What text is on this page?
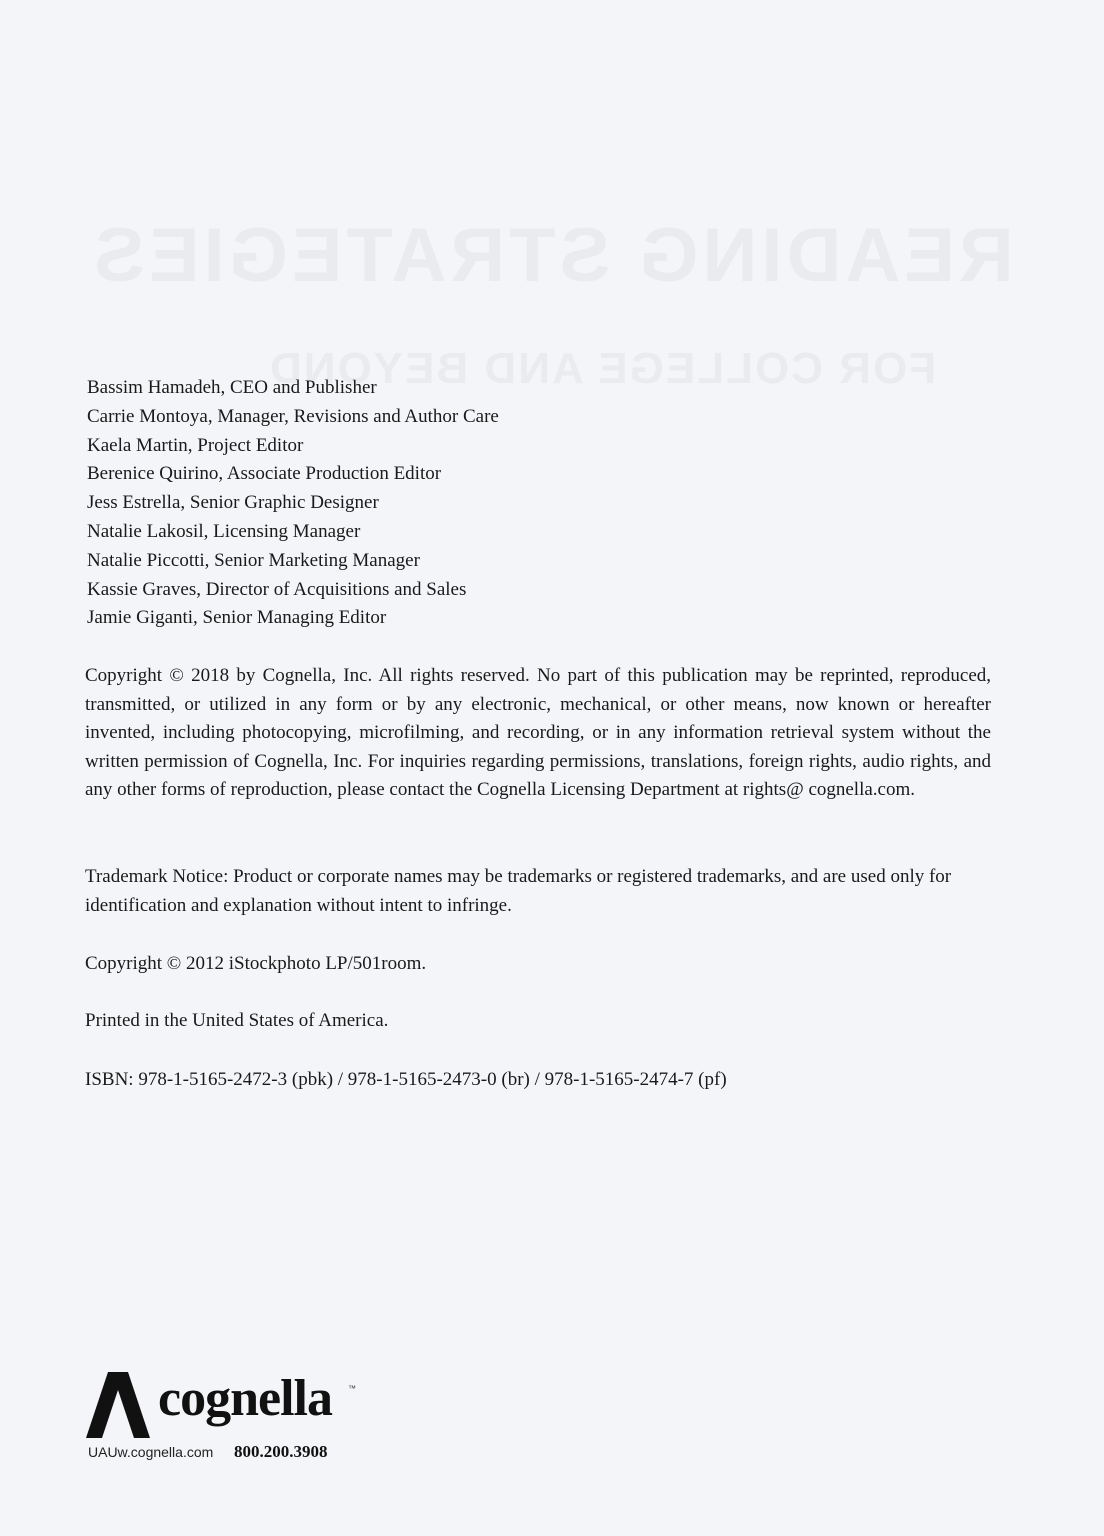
READING STRATEGIES
FOR COLLEGE AND BEYOND
Bassim Hamadeh, CEO and Publisher
Carrie Montoya, Manager, Revisions and Author Care
Kaela Martin, Project Editor
Berenice Quirino, Associate Production Editor
Jess Estrella, Senior Graphic Designer
Natalie Lakosil, Licensing Manager
Natalie Piccotti, Senior Marketing Manager
Kassie Graves, Director of Acquisitions and Sales
Jamie Giganti, Senior Managing Editor

Copyright © 2018 by Cognella, Inc. All rights reserved. No part of this publication may be reprinted, reproduced, transmitted, or utilized in any form or by any electronic, mechanical, or other means, now known or hereafter invented, including photocopying, microfilming, and recording, or in any information retrieval system without the written permission of Cognella, Inc. For inquiries regarding permissions, translations, foreign rights, audio rights, and any other forms of reproduction, please contact the Cognella Licensing Department at rights@ cognella.com.

Trademark Notice: Product or corporate names may be trademarks or registered trademarks, and are used only for identification and explanation without intent to infringe.

Copyright © 2012 iStockphoto LP/501room.

Printed in the United States of America.

ISBN: 978-1-5165-2472-3 (pbk) / 978-1-5165-2473-0 (br) / 978-1-5165-2474-7 (pf)

cognella ™
UAUw.cognella.com 800.200.3908
